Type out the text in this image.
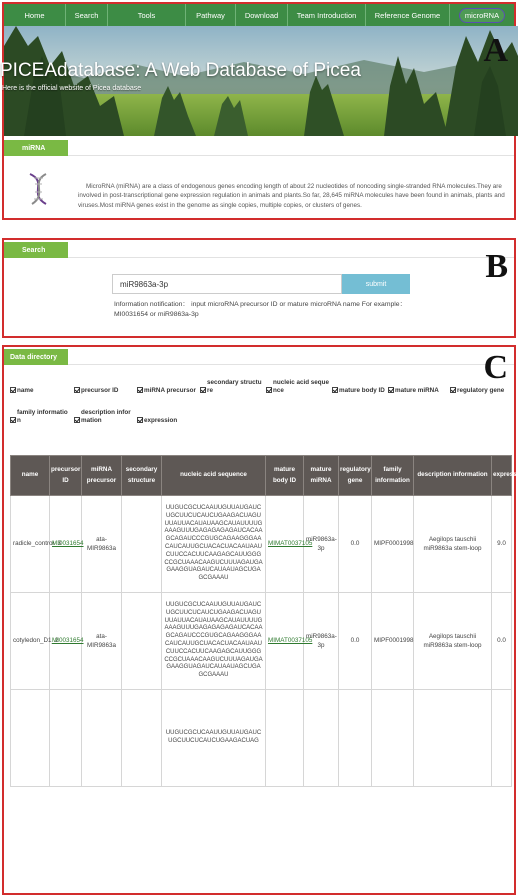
Home	Search	Tools	Pathway	Download Team Introduction Reference Genome	microRNA
PICEAdatabase: A Web Database of Picea
Here is the official website of Picea database
A
miRNA
MicroRNA (miRNA) are a class of endogenous genes encoding length of about 22 nucleotides of noncoding single-stranded RNA molecules.They are involved in post-transcriptional gene expression regulation in animals and plants.So far, 28,645 miRNA molecules have been found in animals, plants and viruses.Most miRNA genes exist in the genome as single copies, multiple copies, or clusters of genes.
Search	B
miR9863a-3p
submit
Information notification： input microRNA precursor ID or mature microRNA name For example： MI0031654 or miR9863a-3p
Data directory	C
name	precursor ID	miRNA precursor
secondary structu
re
nucleic acid seque
nce	mature body ID	mature miRNA	regulatory gene
family informatio
n
description infor
mation	expression
name	precursor ID	miRNA precursor	secondary structure	nucleic acid sequence	mature body ID	mature miRNA	regulatory gene	family information	description information	expression
radicle_control_3	MI0031654	ata-MIR9863a		UUGUCGCUCAAUUGUUAUGAUCUGCUUCUCAUCUGAAGACUAGUUUAUUACAUAUAAGCAUAUUUUGAAAGUUUGAGAGAGAGAUCACAAGCAGAUCCCGUGCAGAAGGGAACAUCAUUGCUACACUACAAUAAUCUUCCACUUCAAGAGCAUUGGGCCGCUAAACAAGUCUUUAGAUGAGAAGGUAGAUCAUAAUAGCUGAGCGAAAU	MIMAT0037105	miR9863a-3p	0.0	MIPF0001998	Aegilops tauschii miR9863a stem-loop	9.0
cotyledon_D1_2	MI0031654	ata-MIR9863a		UUGUCGCUCAAUUGUUAUGAUCUGCUUCUCAUCUGAAGACUAGUUUAUUACAUAUAAGCAUAUUUUGAAAGUUUGAGAGAGAGAUCACAAGCAGAUCCCGUGCAGAAGGGAACAUCAUUGCUACACUACAAUAAUCUUCCACUUCAAGAGCAUUGGGCCGCUAAACAAGUCUUUAGAUGAGAAGGUAGAUCAUAAUAGCUGAGCGAAAU	MIMAT0037105	miR9863a-3p	0.0	MIPF0001998	Aegilops tauschii miR9863a stem-loop	0.0
				UUGUCGCUCAAUUGUUAUGAUCUGCUUCUCAUCUGAAGACUAG						
